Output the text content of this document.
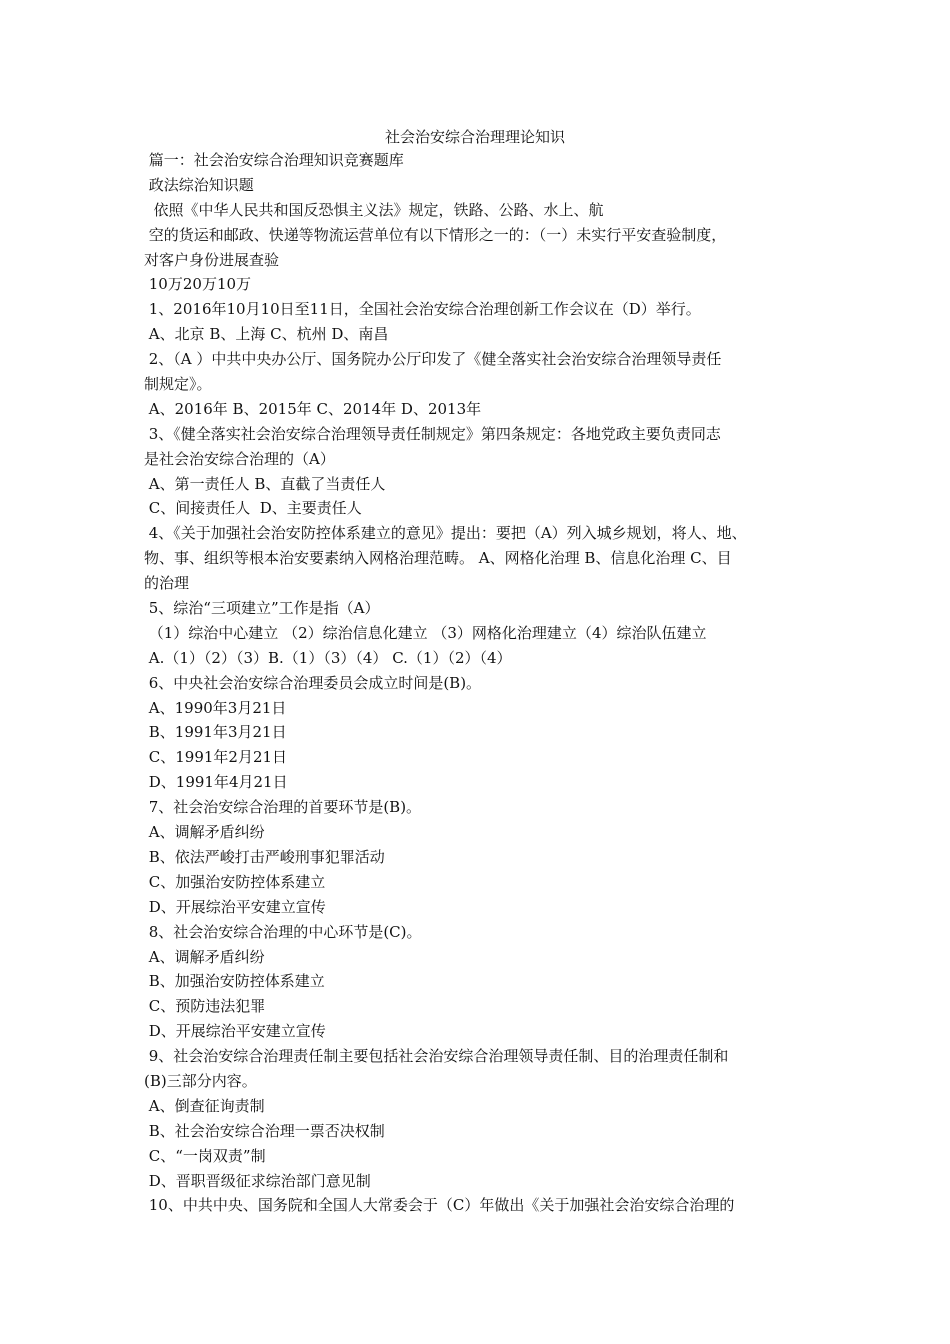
社会治安综合治理理论知识
篇一：社会治安综合治理知识竞赛题库
政法综治知识题
依照《中华人民共和国反恐惧主义法》规定，铁路、公路、水上、航
空的货运和邮政、快递等物流运营单位有以下情形之一的：（一）未实行平安查验制度，
对客户身份进展查验
10万20万10万
1、2016年10月10日至11日，全国社会治安综合治理创新工作会议在（D）举行。
A、北京 B、上海 C、杭州 D、南昌
2、（A ）中共中央办公厅、国务院办公厅印发了《健全落实社会治安综合治理领导责任
制规定》。
A、2016年 B、2015年 C、2014年 D、2013年
3、《健全落实社会治安综合治理领导责任制规定》第四条规定：各地党政主要负责同志
是社会治安综合治理的（A）
A、第一责任人 B、直截了当责任人
C、间接责任人  D、主要责任人
4、《关于加强社会治安防控体系建立的意见》提出：要把（A）列入城乡规划，将人、地、
物、事、组织等根本治安要素纳入网格治理范畴。 A、网格化治理 B、信息化治理 C、目
的治理
5、综治“三项建立”工作是指（A）
（1）综治中心建立 （2）综治信息化建立 （3）网格化治理建立（4）综治队伍建立
A.（1）（2）（3）B.（1）（3）（4） C.（1）（2）（4）
6、中央社会治安综合治理委员会成立时间是(B)。
A、1990年3月21日
B、1991年3月21日
C、1991年2月21日
D、1991年4月21日
7、社会治安综合治理的首要环节是(B)。
A、调解矛盾纠纷
B、依法严峻打击严峻刑事犯罪活动
C、加强治安防控体系建立
D、开展综治平安建立宣传
8、社会治安综合治理的中心环节是(C)。
A、调解矛盾纠纷
B、加强治安防控体系建立
C、预防违法犯罪
D、开展综治平安建立宣传
9、社会治安综合治理责任制主要包括社会治安综合治理领导责任制、目的治理责任制和
(B)三部分内容。
A、倒查征询责制
B、社会治安综合治理一票否决权制
C、“一岗双责”制
D、晋职晋级征求综治部门意见制
10、中共中央、国务院和全国人大常委会于（C）年做出《关于加强社会治安综合治理的
